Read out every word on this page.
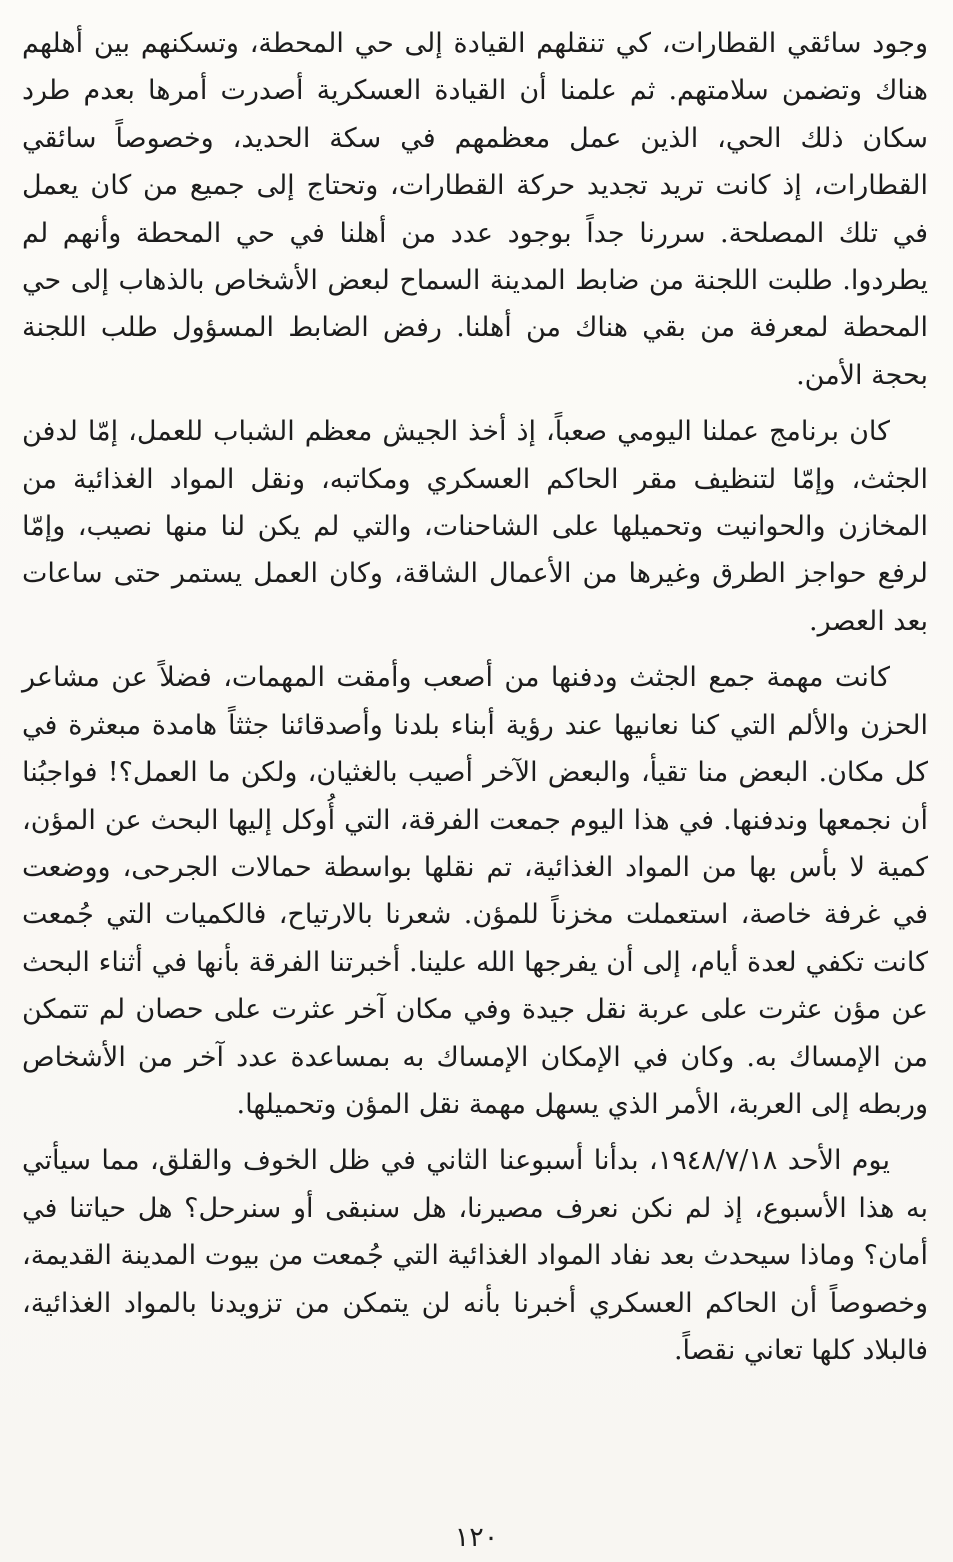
وجود سائقي القطارات، كي تنقلهم القيادة إلى حي المحطة، وتسكنهم بين أهلهم هناك وتضمن سلامتهم. ثم علمنا أن القيادة العسكرية أصدرت أمرها بعدم طرد سكان ذلك الحي، الذين عمل معظمهم في سكة الحديد، وخصوصاً سائقي القطارات، إذ كانت تريد تجديد حركة القطارات، وتحتاج إلى جميع من كان يعمل في تلك المصلحة. سررنا جداً بوجود عدد من أهلنا في حي المحطة وأنهم لم يطردوا. طلبت اللجنة من ضابط المدينة السماح لبعض الأشخاص بالذهاب إلى حي المحطة لمعرفة من بقي هناك من أهلنا. رفض الضابط المسؤول طلب اللجنة بحجة الأمن.

كان برنامج عملنا اليومي صعباً، إذ أخذ الجيش معظم الشباب للعمل، إمّا لدفن الجثث، وإمّا لتنظيف مقر الحاكم العسكري ومكاتبه، ونقل المواد الغذائية من المخازن والحوانيت وتحميلها على الشاحنات، والتي لم يكن لنا منها نصيب، وإمّا لرفع حواجز الطرق وغيرها من الأعمال الشاقة، وكان العمل يستمر حتى ساعات بعد العصر.

كانت مهمة جمع الجثث ودفنها من أصعب وأمقت المهمات، فضلاً عن مشاعر الحزن والألم التي كنا نعانيها عند رؤية أبناء بلدنا وأصدقائنا جثثاً هامدة مبعثرة في كل مكان. البعض منا تقيأ، والبعض الآخر أصيب بالغثيان، ولكن ما العمل؟! فواجبُنا أن نجمعها وندفنها. في هذا اليوم جمعت الفرقة، التي أُوكل إليها البحث عن المؤن، كمية لا بأس بها من المواد الغذائية، تم نقلها بواسطة حمالات الجرحى، ووضعت في غرفة خاصة، استعملت مخزناً للمؤن. شعرنا بالارتياح، فالكميات التي جُمعت كانت تكفي لعدة أيام، إلى أن يفرجها الله علينا. أخبرتنا الفرقة بأنها في أثناء البحث عن مؤن عثرت على عربة نقل جيدة وفي مكان آخر عثرت على حصان لم تتمكن من الإمساك به. وكان في الإمكان الإمساك به بمساعدة عدد آخر من الأشخاص وربطه إلى العربة، الأمر الذي يسهل مهمة نقل المؤن وتحميلها.

يوم الأحد ١٩٤٨/٧/١٨، بدأنا أسبوعنا الثاني في ظل الخوف والقلق، مما سيأتي به هذا الأسبوع، إذ لم نكن نعرف مصيرنا، هل سنبقى أو سنرحل؟ هل حياتنا في أمان؟ وماذا سيحدث بعد نفاد المواد الغذائية التي جُمعت من بيوت المدينة القديمة، وخصوصاً أن الحاكم العسكري أخبرنا بأنه لن يتمكن من تزويدنا بالمواد الغذائية، فالبلاد كلها تعاني نقصاً.

١٢٠
